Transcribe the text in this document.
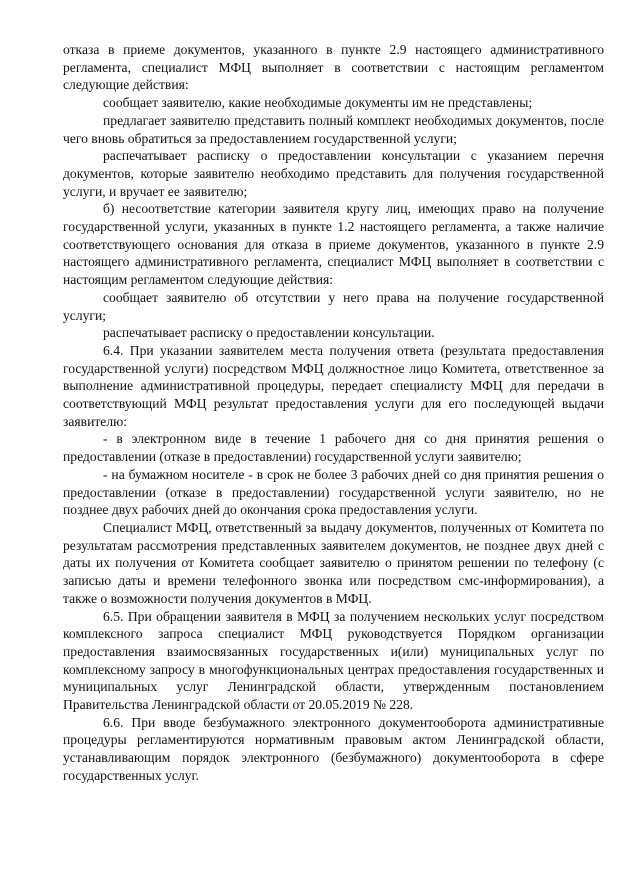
отказа в приеме документов, указанного в пункте 2.9 настоящего административного регламента, специалист МФЦ выполняет в соответствии с настоящим регламентом следующие действия:

сообщает заявителю, какие необходимые документы им не представлены;

предлагает заявителю представить полный комплект необходимых документов, после чего вновь обратиться за предоставлением государственной услуги;

распечатывает расписку о предоставлении консультации с указанием перечня документов, которые заявителю необходимо представить для получения государственной услуги, и вручает ее заявителю;

б) несоответствие категории заявителя кругу лиц, имеющих право на получение государственной услуги, указанных в пункте 1.2 настоящего регламента, а также наличие соответствующего основания для отказа в приеме документов, указанного в пункте 2.9 настоящего административного регламента, специалист МФЦ выполняет в соответствии с настоящим регламентом следующие действия:

сообщает заявителю об отсутствии у него права на получение государственной услуги;

распечатывает расписку о предоставлении консультации.

6.4. При указании заявителем места получения ответа (результата предоставления государственной услуги) посредством МФЦ должностное лицо Комитета, ответственное за выполнение административной процедуры, передает специалисту МФЦ для передачи в соответствующий МФЦ результат предоставления услуги для его последующей выдачи заявителю:

- в электронном виде в течение 1 рабочего дня со дня принятия решения о предоставлении (отказе в предоставлении) государственной услуги заявителю;

- на бумажном носителе - в срок не более 3 рабочих дней со дня принятия решения о предоставлении (отказе в предоставлении) государственной услуги заявителю, но не позднее двух рабочих дней до окончания срока предоставления услуги.

Специалист МФЦ, ответственный за выдачу документов, полученных от Комитета по результатам рассмотрения представленных заявителем документов, не позднее двух дней с даты их получения от Комитета сообщает заявителю о принятом решении по телефону (с записью даты и времени телефонного звонка или посредством смс-информирования), а также о возможности получения документов в МФЦ.

6.5. При обращении заявителя в МФЦ за получением нескольких услуг посредством комплексного запроса специалист МФЦ руководствуется Порядком организации предоставления взаимосвязанных государственных и(или) муниципальных услуг по комплексному запросу в многофункциональных центрах предоставления государственных и муниципальных услуг Ленинградской области, утвержденным постановлением Правительства Ленинградской области от 20.05.2019 № 228.

6.6. При вводе безбумажного электронного документооборота административные процедуры регламентируются нормативным правовым актом Ленинградской области, устанавливающим порядок электронного (безбумажного) документооборота в сфере государственных услуг.
